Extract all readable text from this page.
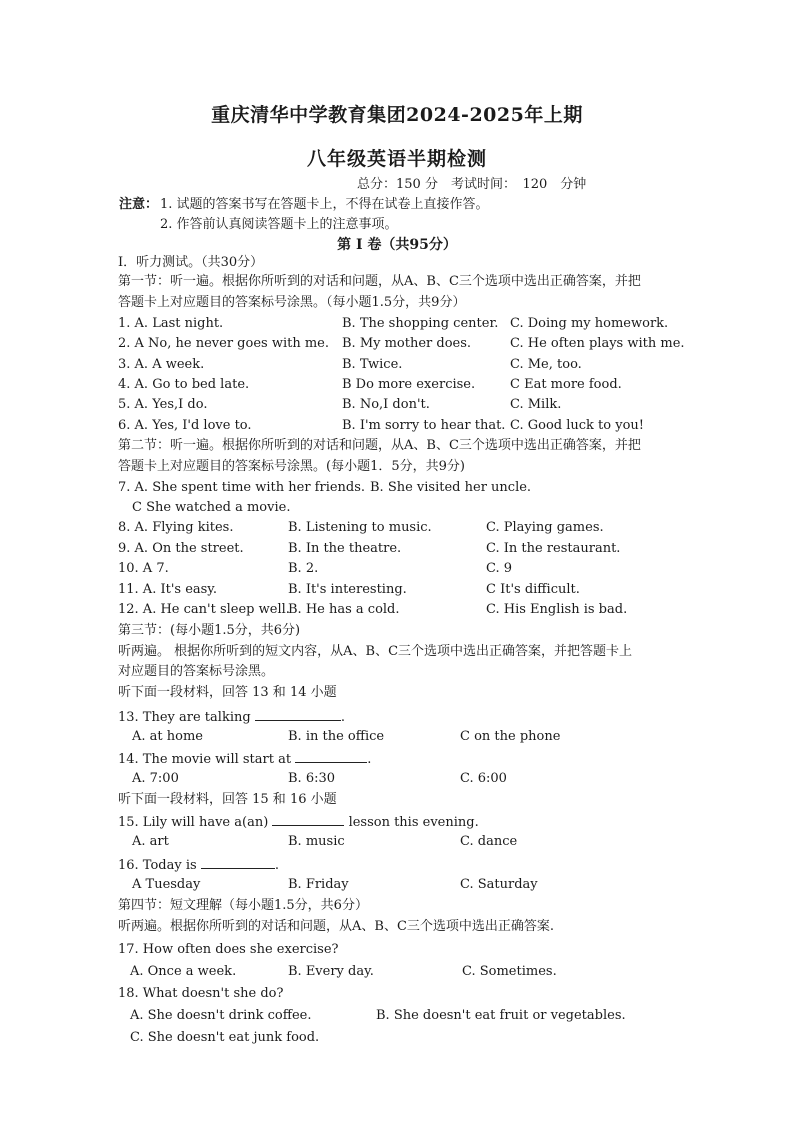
重庆清华中学教育集团2024-2025年上期
八年级英语半期检测
总分：150 分　考试时间：　120　分钟
注意： 1. 试题的答案书写在答题卡上，不得在试卷上直接作答。
2. 作答前认真阅读答题卡上的注意事项。
第 I 卷（共95分）
I．听力测试。（共30分）
第一节：听一遍。根据你所听到的对话和问题，从A、B、C三个选项中选出正确答案，并把
答题卡上对应题目的答案标号涂黑。（每小题1.5分，共9分）
1. A. Last night.	B. The shopping center. C. Doing my homework.
2. A No, he never goes with me. B. My mother does.	C. He often plays with me.
3. A. A week.	B. Twice.	C. Me, too.
4. A. Go to bed late.	B Do more exercise.	C Eat more food.
5. A. Yes,I do.	B. No,I don't.	C. Milk.
6. A. Yes, I'd love to.	B. I'm sorry to hear that. C. Good luck to you!
第二节：听一遍。根据你所听到的对话和问题，从A、B、C三个选项中选出正确答案，并把
答题卡上对应题目的答案标号涂黑。(每小题1．5分，共9分)
7. A. She spent time with her friends. B. She visited her uncle.
C She watched a movie.
8. A. Flying kites.	B. Listening to music.	C. Playing games.
9. A. On the street.	B. In the theatre.	C. In the restaurant.
10. A 7.	B. 2.	C. 9
11. A. It's easy.	B. It's interesting.	C It's difficult.
12. A. He can't sleep well.
B. He has a cold.	C. His English is bad.
第三节：(每小题1.5分，共6分)
听两遍。 根据你所听到的短文内容，从A、B、C三个选项中选出正确答案，并把答题卡上
对应题目的答案标号涂黑。
听下面一段材料，回答 13 和 14 小题
13. They are talking	.
A. at home	B. in the office	C on the phone
14. The movie will start at	.
A. 7:00	B. 6:30	C. 6:00
听下面一段材料，回答 15 和 16 小题
15. Lily will have a(an)	lesson this evening.
A. art	B. music	C. dance
16. Today is	.
A Tuesday	B. Friday	C. Saturday
第四节：短文理解（每小题1.5分，共6分）
听两遍。根据你所听到的对话和问题，从A、B、C三个选项中选出正确答案.
17. How often does she exercise?
A. Once a week.	B. Every day.	C. Sometimes.
18. What doesn't she do?
A. She doesn't drink coffee.	B. She doesn't eat fruit or vegetables.
C. She doesn't eat junk food.
